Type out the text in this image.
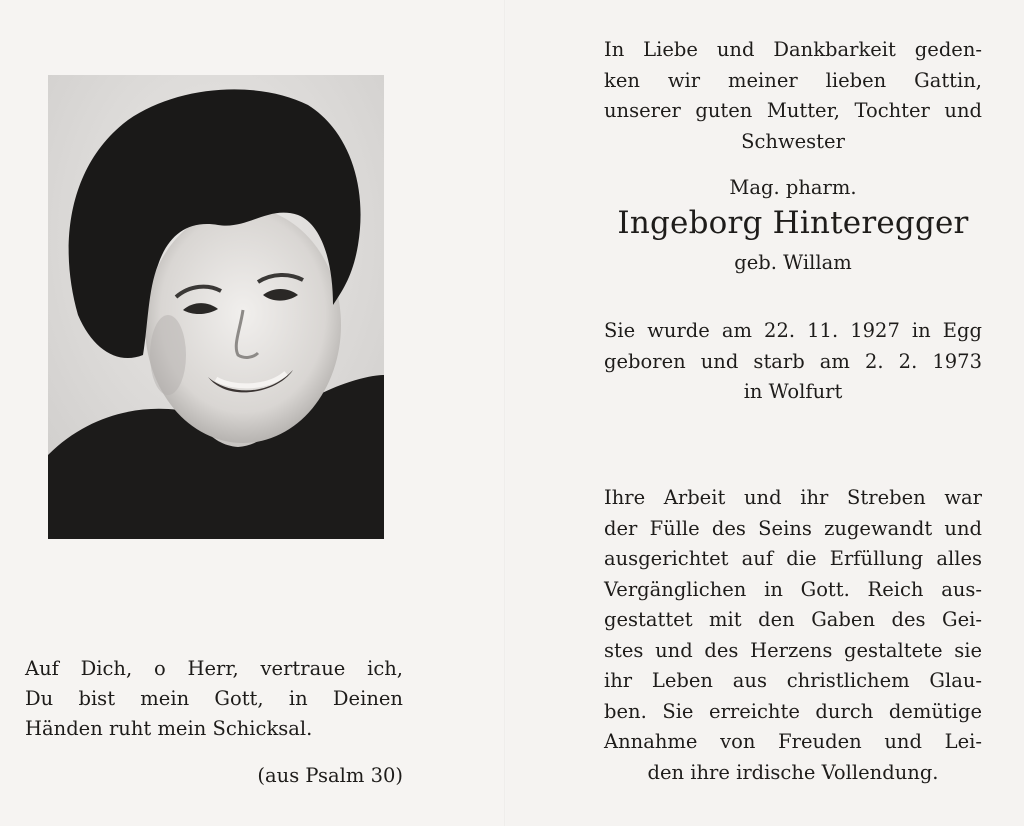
Auf Dich, o Herr, vertraue ich,
Du bist mein Gott, in Deinen
Händen ruht mein Schicksal.
(aus Psalm 30)
In Liebe und Dankbarkeit geden-
ken wir meiner lieben Gattin,
unserer guten Mutter, Tochter und
Schwester
Mag. pharm.
Ingeborg Hinteregger
geb. Willam
Sie wurde am 22. 11. 1927 in Egg
geboren und starb am 2. 2. 1973
in Wolfurt
Ihre Arbeit und ihr Streben war
der Fülle des Seins zugewandt und
ausgerichtet auf die Erfüllung alles
Vergänglichen in Gott. Reich aus-
gestattet mit den Gaben des Gei-
stes und des Herzens gestaltete sie
ihr Leben aus christlichem Glau-
ben. Sie erreichte durch demütige
Annahme von Freuden und Lei-
den ihre irdische Vollendung.
